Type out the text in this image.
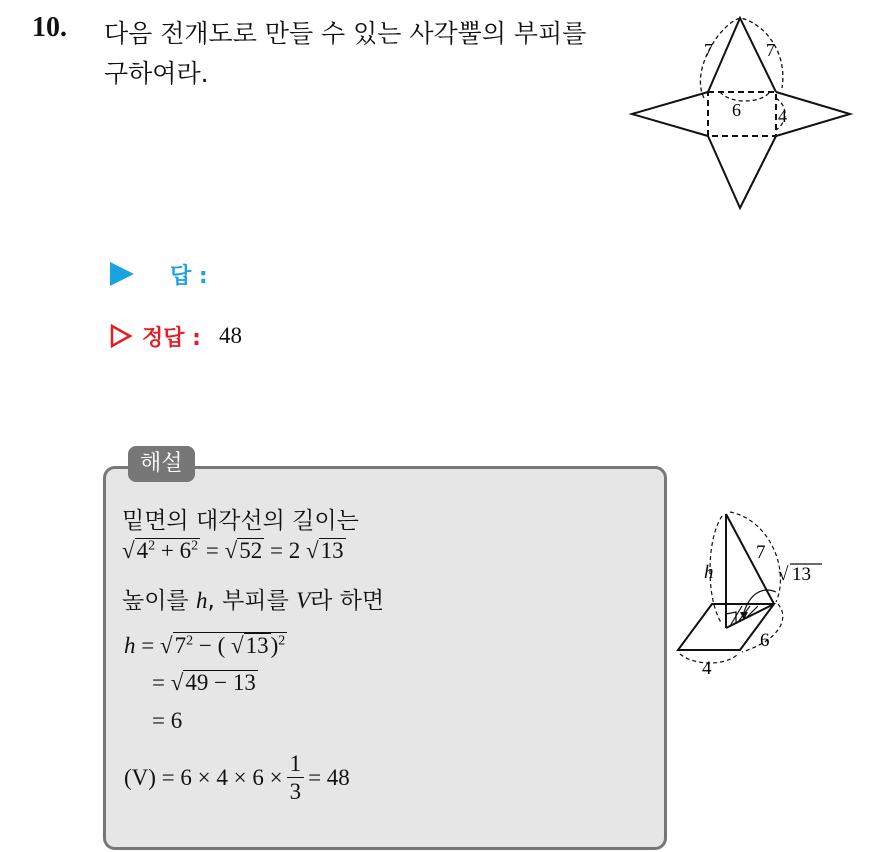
10. 다음 전개도로 만들 수 있는 사각뿔의 부피를
구하여라.
7	7
6 4
답 :
정답 : 48
해설
밑면의 대각선의 길이는
$√4^2 + 6^2 = √52 = 2$ √13
높이를 h, 부피를 V라 하면
$h = √7^2$ − ( √13)$^2$
= √49 − 13
= 6
$(V) = 6 \times 4 \times 6 \times \frac{1}{3} = 48$
h
7
√ 13
6
4
